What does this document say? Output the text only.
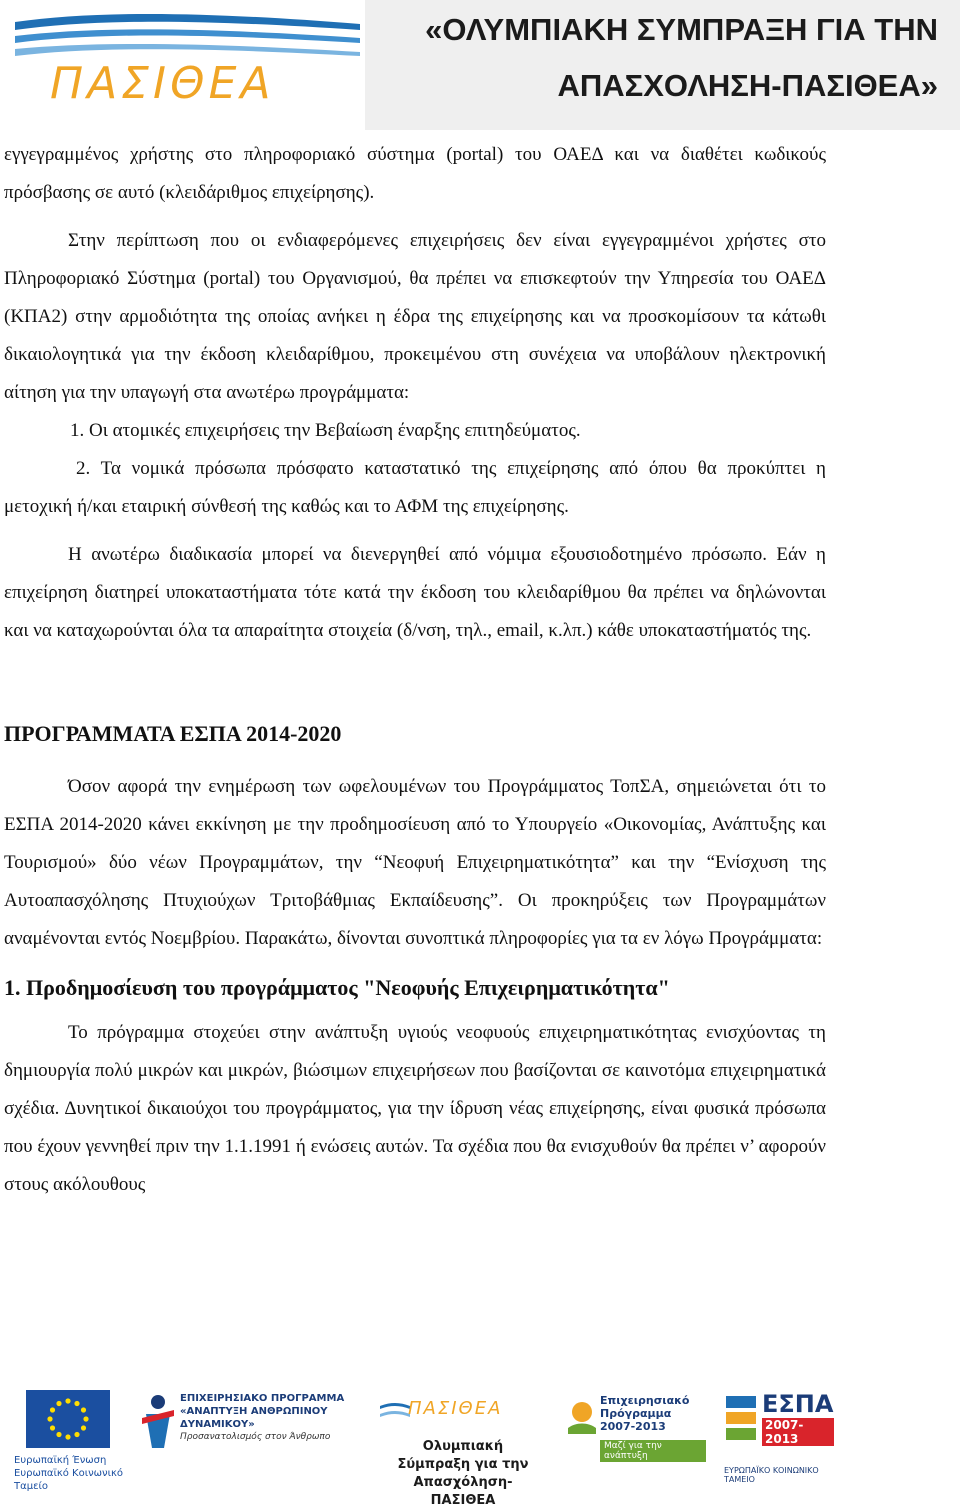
ΠΑΣΙΘΕΑ
«ΟΛΥΜΠΙΑΚΗ ΣΥΜΠΡΑΞΗ ΓΙΑ ΤΗΝ
ΑΠΑΣΧΟΛΗΣΗ-ΠΑΣΙΘΕΑ»

εγγεγραμμένος χρήστης στο πληροφοριακό σύστημα (portal) του ΟΑΕΔ και να διαθέτει κωδικούς πρόσβασης σε αυτό (κλειδάριθμος επιχείρησης).

Στην περίπτωση που οι ενδιαφερόμενες επιχειρήσεις δεν είναι εγγεγραμμένοι χρήστες στο Πληροφοριακό Σύστημα (portal) του Οργανισμού, θα πρέπει να επισκεφτούν την Υπηρεσία του ΟΑΕΔ (ΚΠΑ2) στην αρμοδιότητα της οποίας ανήκει η έδρα της επιχείρησης και να προσκομίσουν τα κάτωθι δικαιολογητικά για την έκδοση κλειδαρίθμου, προκειμένου στη συνέχεια να υποβάλουν ηλεκτρονική αίτηση για την υπαγωγή στα ανωτέρω προγράμματα:

1. Οι ατομικές επιχειρήσεις την Βεβαίωση έναρξης επιτηδεύματος.

2. Τα νομικά πρόσωπα πρόσφατο καταστατικό της επιχείρησης από όπου θα προκύπτει η μετοχική ή/και εταιρική σύνθεσή της καθώς και το ΑΦΜ της επιχείρησης.

Η ανωτέρω διαδικασία μπορεί να διενεργηθεί από νόμιμα εξουσιοδοτημένο πρόσωπο. Εάν η επιχείρηση διατηρεί υποκαταστήματα τότε κατά την έκδοση του κλειδαρίθμου θα πρέπει να δηλώνονται και να καταχωρούνται όλα τα απαραίτητα στοιχεία (δ/νση, τηλ., email, κ.λπ.) κάθε υποκαταστήματός της.

ΠΡΟΓΡΑΜΜΑΤΑ ΕΣΠΑ 2014-2020

Όσον αφορά την ενημέρωση των ωφελουμένων του Προγράμματος ΤοπΣΑ, σημειώνεται ότι το ΕΣΠΑ 2014-2020 κάνει εκκίνηση με την προδημοσίευση από το Υπουργείο «Οικονομίας, Ανάπτυξης και Τουρισμού» δύο νέων Προγραμμάτων, την “Νεοφυή Επιχειρηματικότητα” και την “Ενίσχυση της Αυτοαπασχόλησης Πτυχιούχων Τριτοβάθμιας Εκπαίδευσης”. Οι προκηρύξεις των Προγραμμάτων αναμένονται εντός Νοεμβρίου. Παρακάτω, δίνονται συνοπτικά πληροφορίες για τα εν λόγω Προγράμματα:

1. Προδημοσίευση του προγράμματος "Νεοφυής Επιχειρηματικότητα"

Το πρόγραμμα στοχεύει στην ανάπτυξη υγιούς νεοφυούς επιχειρηματικότητας ενισχύοντας τη δημιουργία πολύ μικρών και μικρών, βιώσιμων επιχειρήσεων που βασίζονται σε καινοτόμα επιχειρηματικά σχέδια. Δυνητικοί δικαιούχοι του προγράμματος, για την ίδρυση νέας επιχείρησης, είναι φυσικά πρόσωπα που έχουν γεννηθεί πριν την 1.1.1991 ή ενώσεις αυτών. Τα σχέδια που θα ενισχυθούν θα πρέπει ν’ αφορούν στους ακόλουθους

Ευρωπαϊκή Ένωση Ευρωπαϊκό Κοινωνικό Ταμείο
ΕΠΙΧΕΙΡΗΣΙΑΚΟ ΠΡΟΓΡΑΜΜΑ «ΑΝΑΠΤΥΞΗ ΑΝΘΡΩΠΙΝΟΥ ΔΥΝΑΜΙΚΟΥ»
Προσανατολισμός στον Άνθρωπο
ΠΑΣΙΘΕΑ
Ολυμπιακή Σύμπραξη για την Απασχόληση- ΠΑΣΙΘΕΑ
Επιχειρησιακό Πρόγραμμα 2007-2013
Μαζί για την ανάπτυξη
ΕΣΠΑ
2007-2013
ΕΥΡΩΠΑΪΚΟ ΚΟΙΝΩΝΙΚΟ ΤΑΜΕΙΟ
